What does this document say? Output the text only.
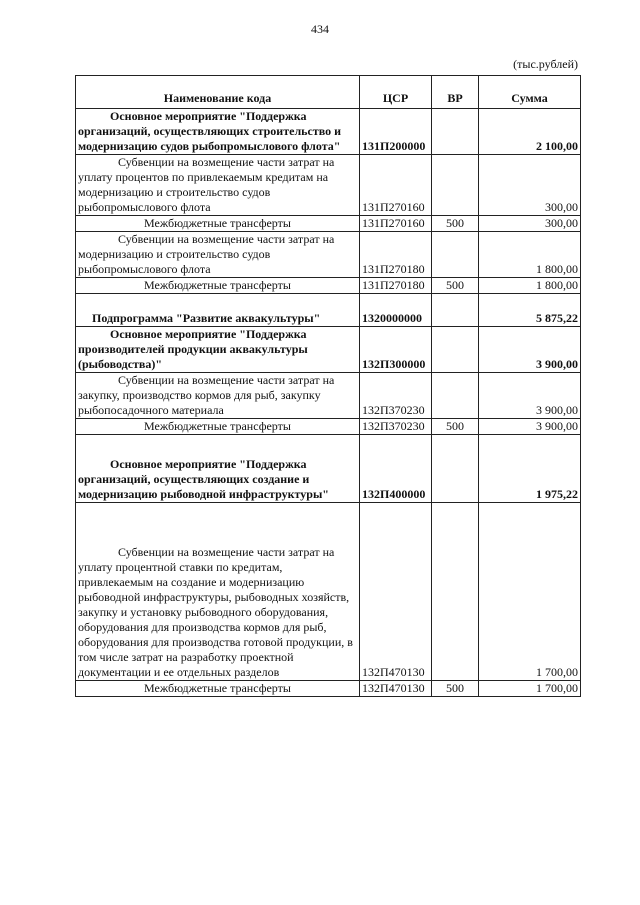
434
(тыс.рублей)
Наименование кода	ЦСР	ВР	Сумма
Основное мероприятие "Поддержка организаций, осуществляющих строительство и модернизацию судов рыбопромыслового флота"	131П200000		2 100,00
Субвенции на возмещение части затрат на уплату процентов по привлекаемым кредитам на модернизацию и строительство судов рыбопромыслового флота	131П270160		300,00
Межбюджетные трансферты	131П270160	500	300,00
Субвенции на возмещение части затрат на модернизацию и строительство судов рыбопромыслового флота	131П270180		1 800,00
Межбюджетные трансферты	131П270180	500	1 800,00
Подпрограмма "Развитие аквакультуры"	1320000000		5 875,22
Основное мероприятие "Поддержка производителей продукции аквакультуры (рыбоводства)"	132П300000		3 900,00
Субвенции на возмещение части затрат на закупку, производство кормов для рыб, закупку рыбопосадочного материала	132П370230		3 900,00
Межбюджетные трансферты	132П370230	500	3 900,00
Основное мероприятие "Поддержка организаций, осуществляющих создание и модернизацию рыбоводной инфраструктуры"	132П400000		1 975,22
Субвенции на возмещение части затрат на уплату процентной ставки по кредитам, привлекаемым на создание и модернизацию рыбоводной инфраструктуры, рыбоводных хозяйств, закупку и установку рыбоводного оборудования, оборудования для производства кормов для рыб, оборудования для производства готовой продукции, в том числе затрат на разработку проектной документации и ее отдельных разделов	132П470130		1 700,00
Межбюджетные трансферты	132П470130	500	1 700,00
